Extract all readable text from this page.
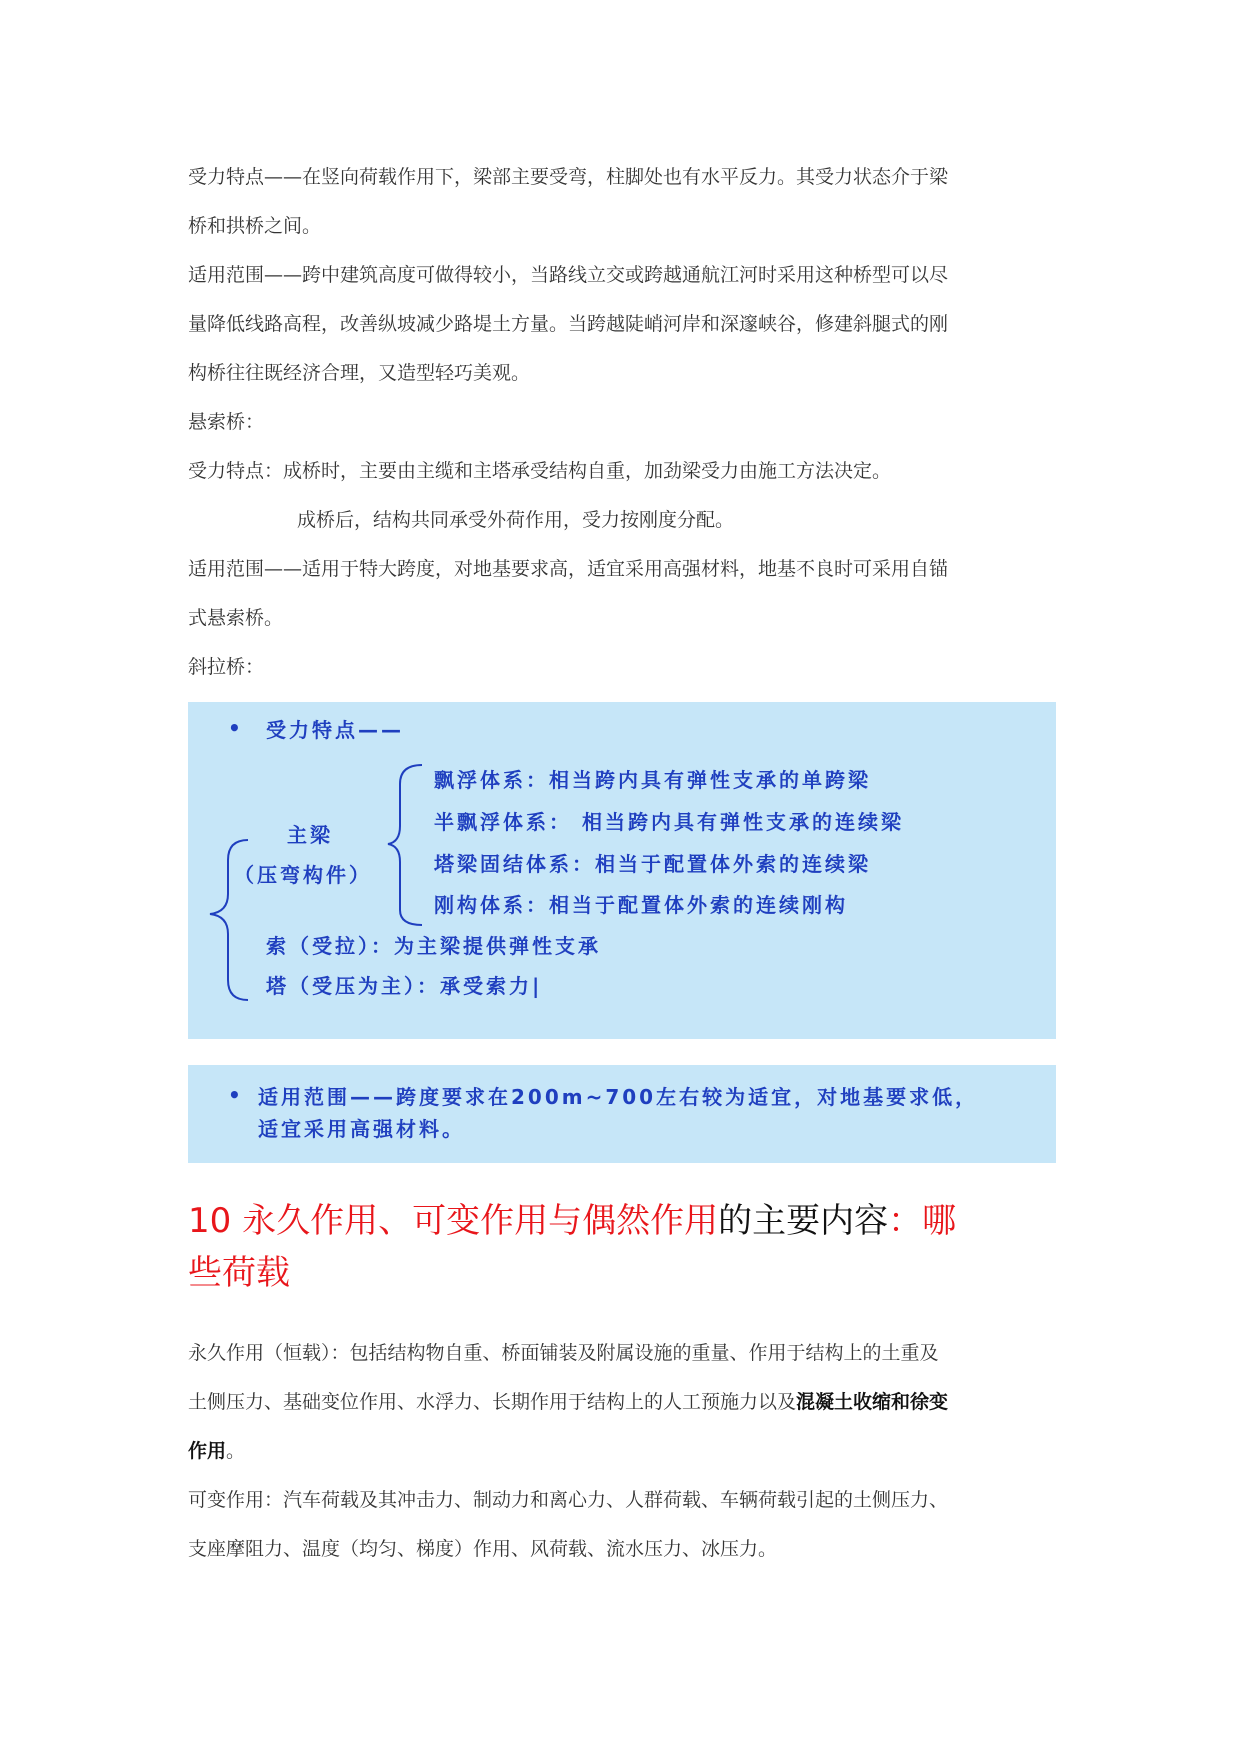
受力特点——在竖向荷载作用下，梁部主要受弯，柱脚处也有水平反力。其受力状态介于梁

桥和拱桥之间。

适用范围——跨中建筑高度可做得较小，当路线立交或跨越通航江河时采用这种桥型可以尽

量降低线路高程，改善纵坡减少路堤土方量。当跨越陡峭河岸和深邃峡谷，修建斜腿式的刚

构桥往往既经济合理，又造型轻巧美观。

悬索桥：

受力特点：成桥时，主要由主缆和主塔承受结构自重，加劲梁受力由施工方法决定。

成桥后，结构共同承受外荷作用，受力按刚度分配。

适用范围——适用于特大跨度，对地基要求高，适宜采用高强材料，地基不良时可采用自锚

式悬索桥。

斜拉桥：

• 受力特点——
主梁
（压弯构件）
飘浮体系：相当跨内具有弹性支承的单跨梁
半飘浮体系： 相当跨内具有弹性支承的连续梁
塔梁固结体系：相当于配置体外索的连续梁
刚构体系：相当于配置体外索的连续刚构
索（受拉）：为主梁提供弹性支承
塔（受压为主）：承受索力|
• 适用范围——跨度要求在200m~700左右较为适宜，对地基要求低，
适宜采用高强材料。
10 永久作用、可变作用与偶然作用的主要内容：哪
些荷载

永久作用（恒载）：包括结构物自重、桥面铺装及附属设施的重量、作用于结构上的土重及

土侧压力、基础变位作用、水浮力、长期作用于结构上的人工预施力以及混凝土收缩和徐变

作用。

可变作用：汽车荷载及其冲击力、制动力和离心力、人群荷载、车辆荷载引起的土侧压力、

支座摩阻力、温度（均匀、梯度）作用、风荷载、流水压力、冰压力。
